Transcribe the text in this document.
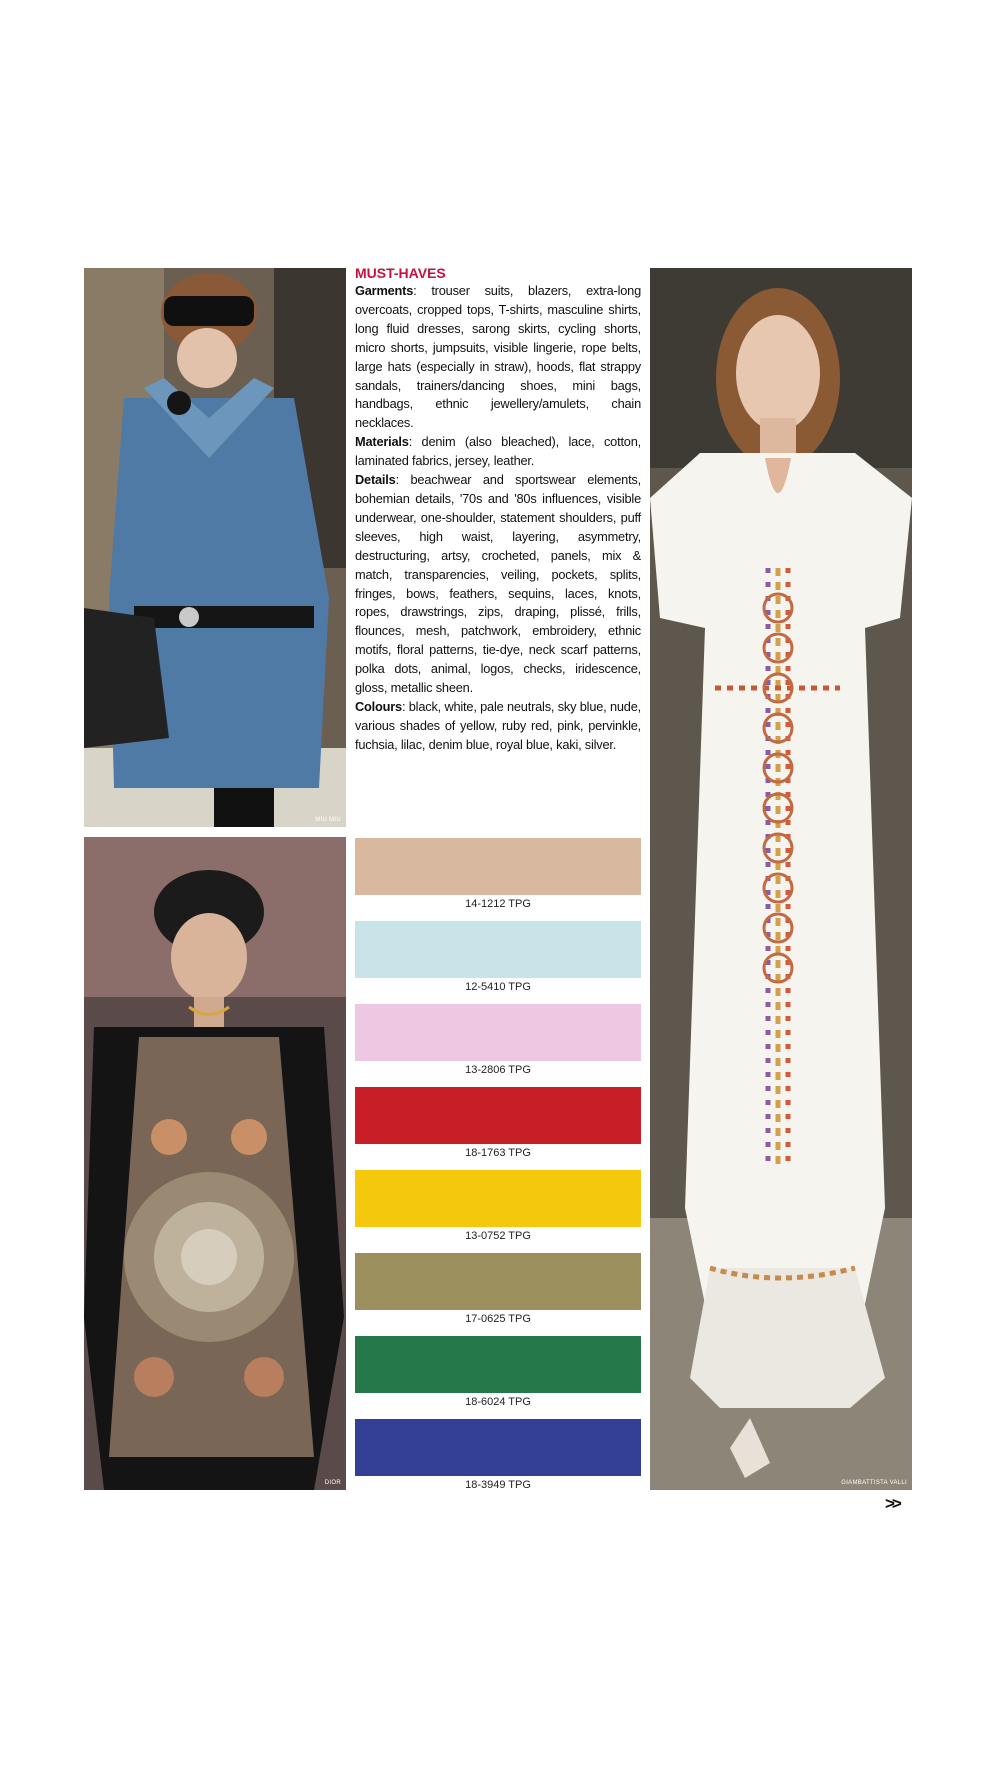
MIU MIU
DIOR	GIAMBATTISTA VALLI
MUST-HAVES

Garments: trouser suits, blazers, extra-long overcoats, cropped tops, T-shirts, masculine shirts, long fluid dresses, sarong skirts, cycling shorts, micro shorts, jumpsuits, visible lingerie, rope belts, large hats (especially in straw), hoods, flat strappy sandals, trainers/dancing shoes, mini bags, handbags, ethnic jewellery/amulets, chain necklaces.

Materials: denim (also bleached), lace, cotton, laminated fabrics, jersey, leather.

Details: beachwear and sportswear elements, bohemian details, '70s and '80s influences, visible underwear, one-shoulder, statement shoulders, puff sleeves, high waist, layering, asymmetry, destructuring, artsy, crocheted, panels, mix & match, transparencies, veiling, pockets, splits, fringes, bows, feathers, sequins, laces, knots, ropes, drawstrings, zips, draping, plissé, frills, flounces, mesh, patchwork, embroidery, ethnic motifs, floral patterns, tie-dye, neck scarf patterns, polka dots, animal, logos, checks, iridescence, gloss, metallic sheen.

Colours: black, white, pale neutrals, sky blue, nude, various shades of yellow, ruby red, pink, pervinkle, fuchsia, lilac, denim blue, royal blue, kaki, silver.

14-1212 TPG
12-5410 TPG
13-2806 TPG
18-1763 TPG
13-0752 TPG
17-0625 TPG
18-6024 TPG
18-3949 TPG
>>
